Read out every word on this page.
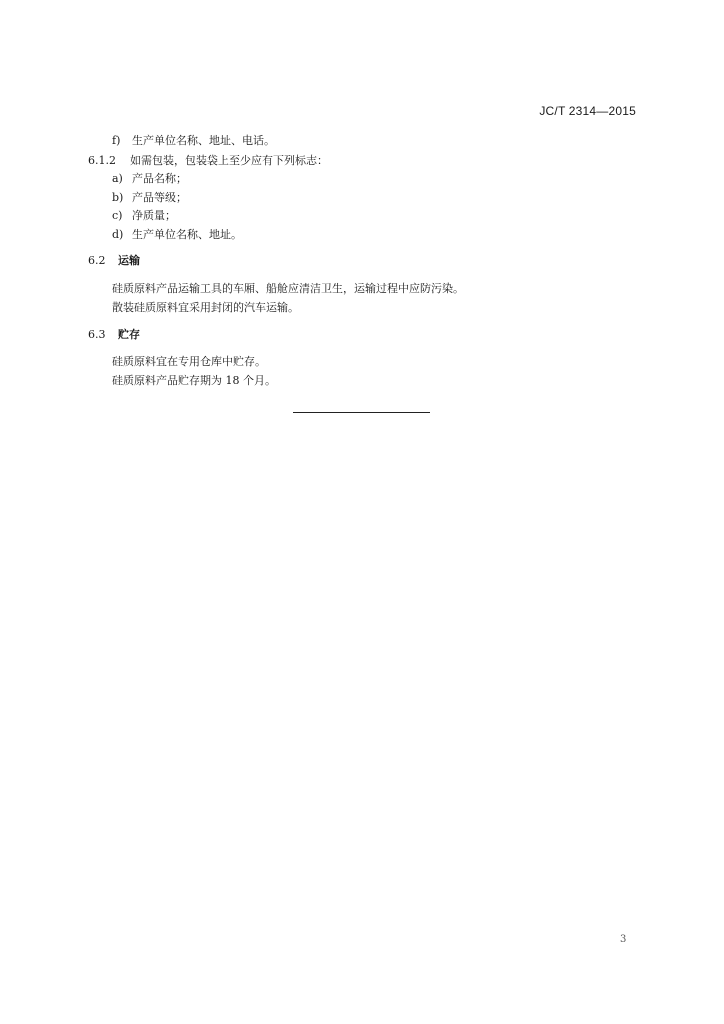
JC/T 2314—2015
f) 生产单位名称、地址、电话。
6.1.2 如需包装，包装袋上至少应有下列标志：
a) 产品名称；
b) 产品等级；
c) 净质量；
d) 生产单位名称、地址。
6.2 运输
硅质原料产品运输工具的车厢、船舱应清洁卫生，运输过程中应防污染。
散装硅质原料宜采用封闭的汽车运输。
6.3 贮存
硅质原料宜在专用仓库中贮存。
硅质原料产品贮存期为 18 个月。
3
